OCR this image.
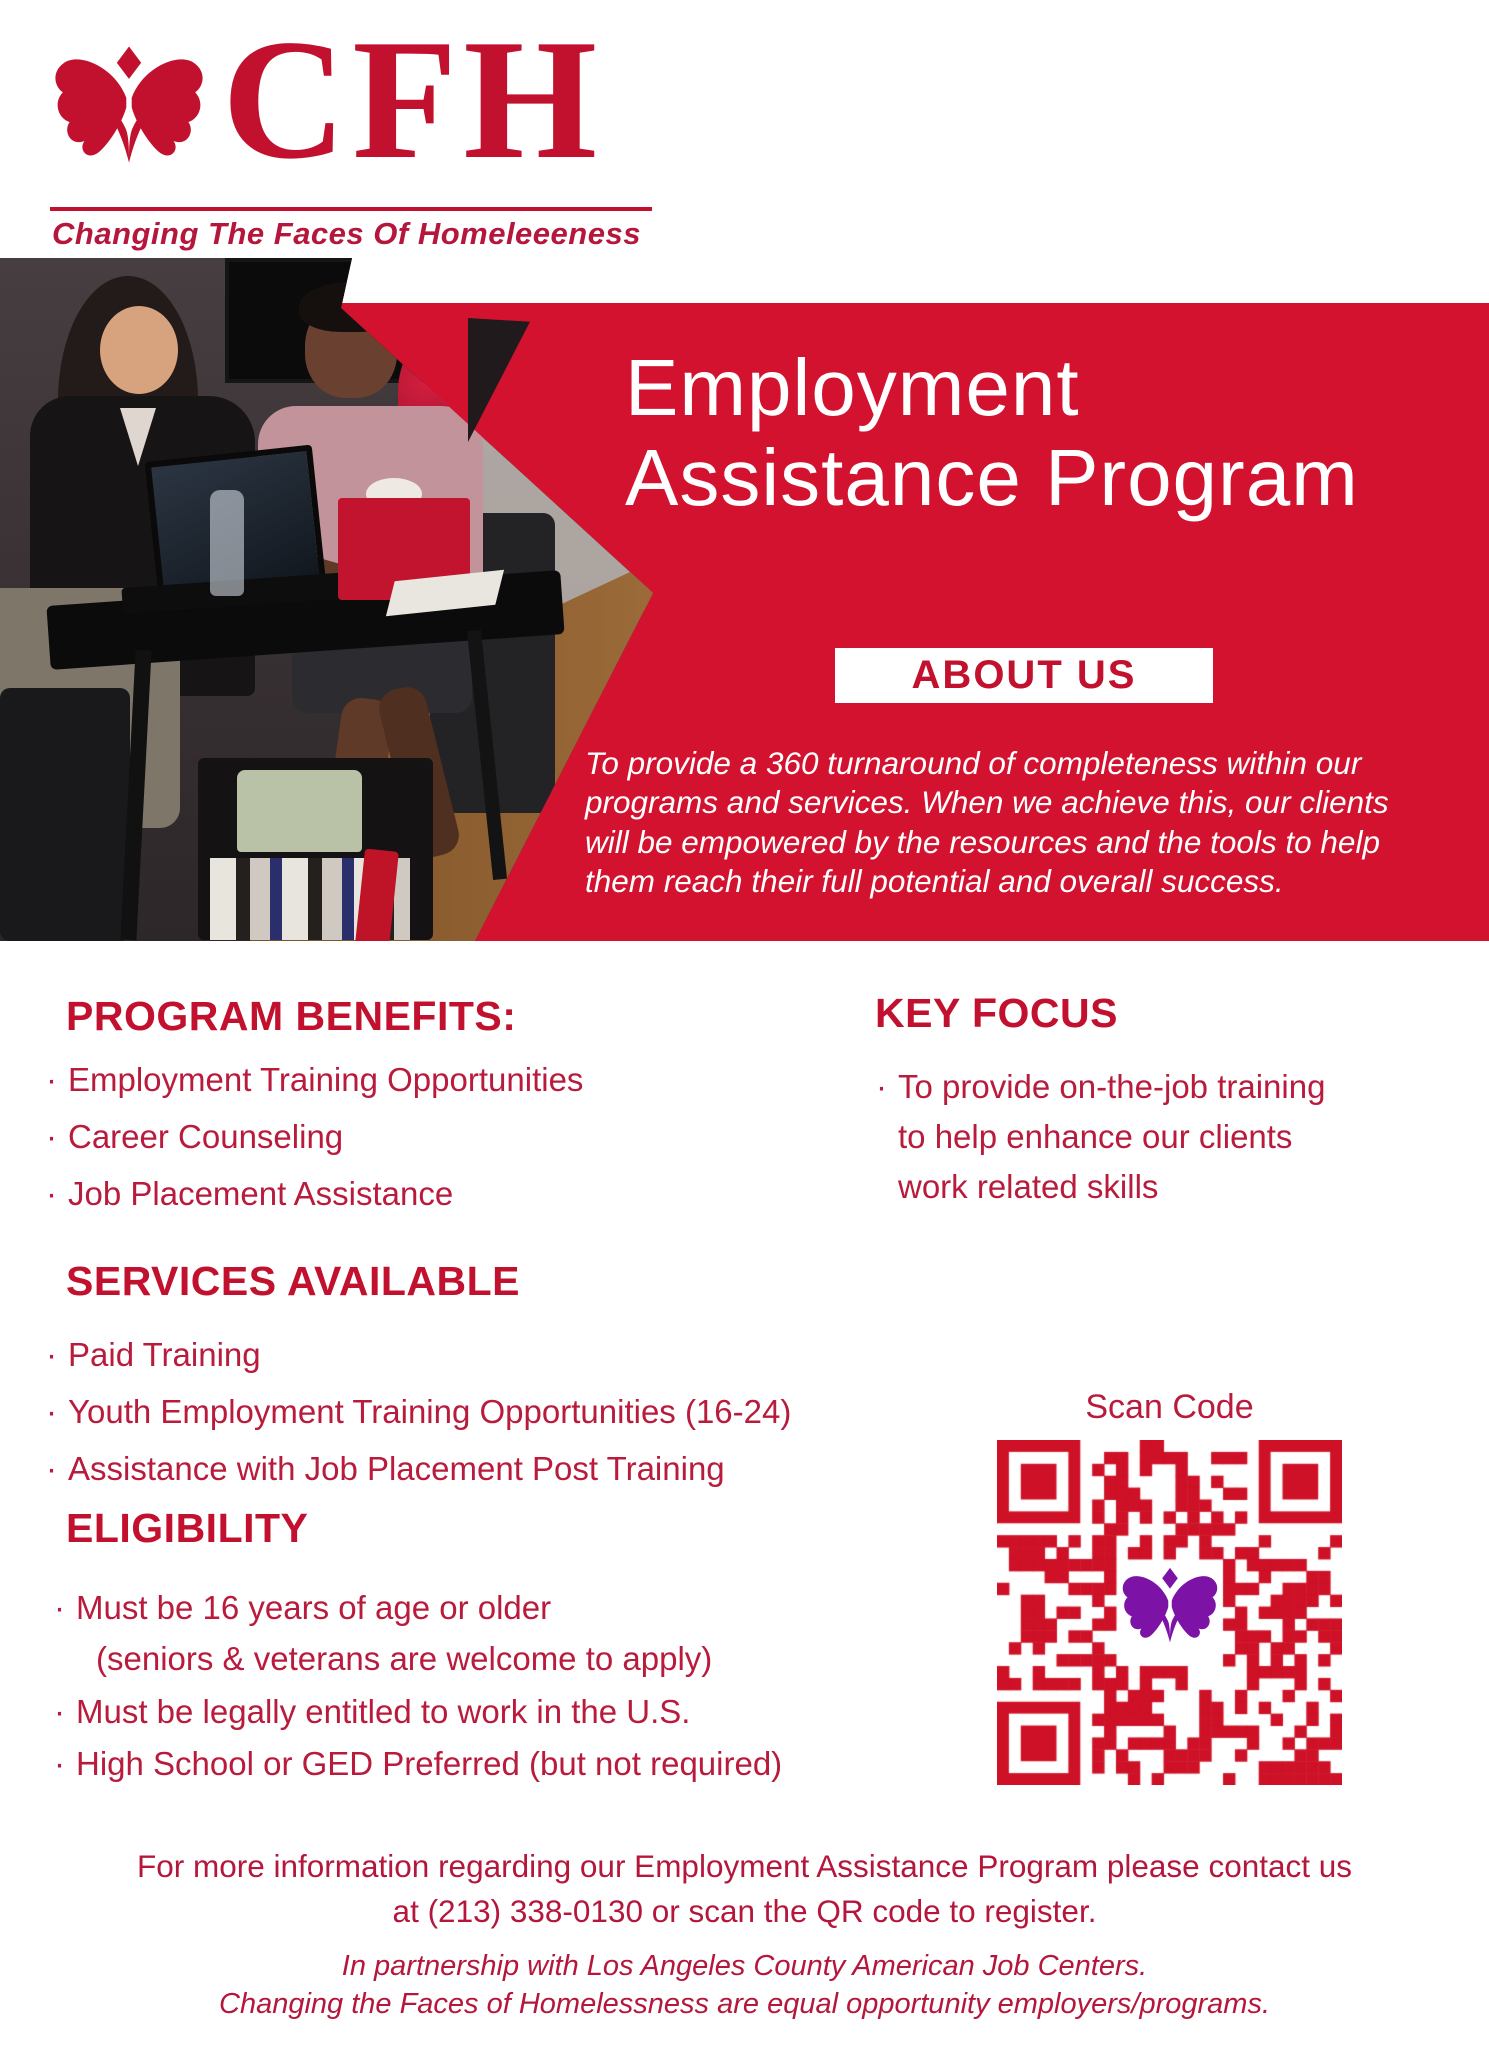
CFH
Changing The Faces Of Homeleeeness
Employment
Assistance Program
ABOUT US

To provide a 360 turnaround of completeness within our programs and services. When we achieve this, our clients will be empowered by the resources and the tools to help them reach their full potential and overall success.

PROGRAM BENEFITS:
· Employment Training Opportunities
· Career Counseling
· Job Placement Assistance
KEY FOCUS
· To provide on-the-job training
to help enhance our clients
work related skills
SERVICES AVAILABLE
· Paid Training
· Youth Employment Training Opportunities (16-24)
· Assistance with Job Placement Post Training
ELIGIBILITY
· Must be 16 years of age or older
(seniors & veterans are welcome to apply)
· Must be legally entitled to work in the U.S.
· High School or GED Preferred (but not required)
Scan Code
For more information regarding our Employment Assistance Program please contact us
at (213) 338-0130 or scan the QR code to register.
In partnership with Los Angeles County American Job Centers.
Changing the Faces of Homelessness are equal opportunity employers/programs.
